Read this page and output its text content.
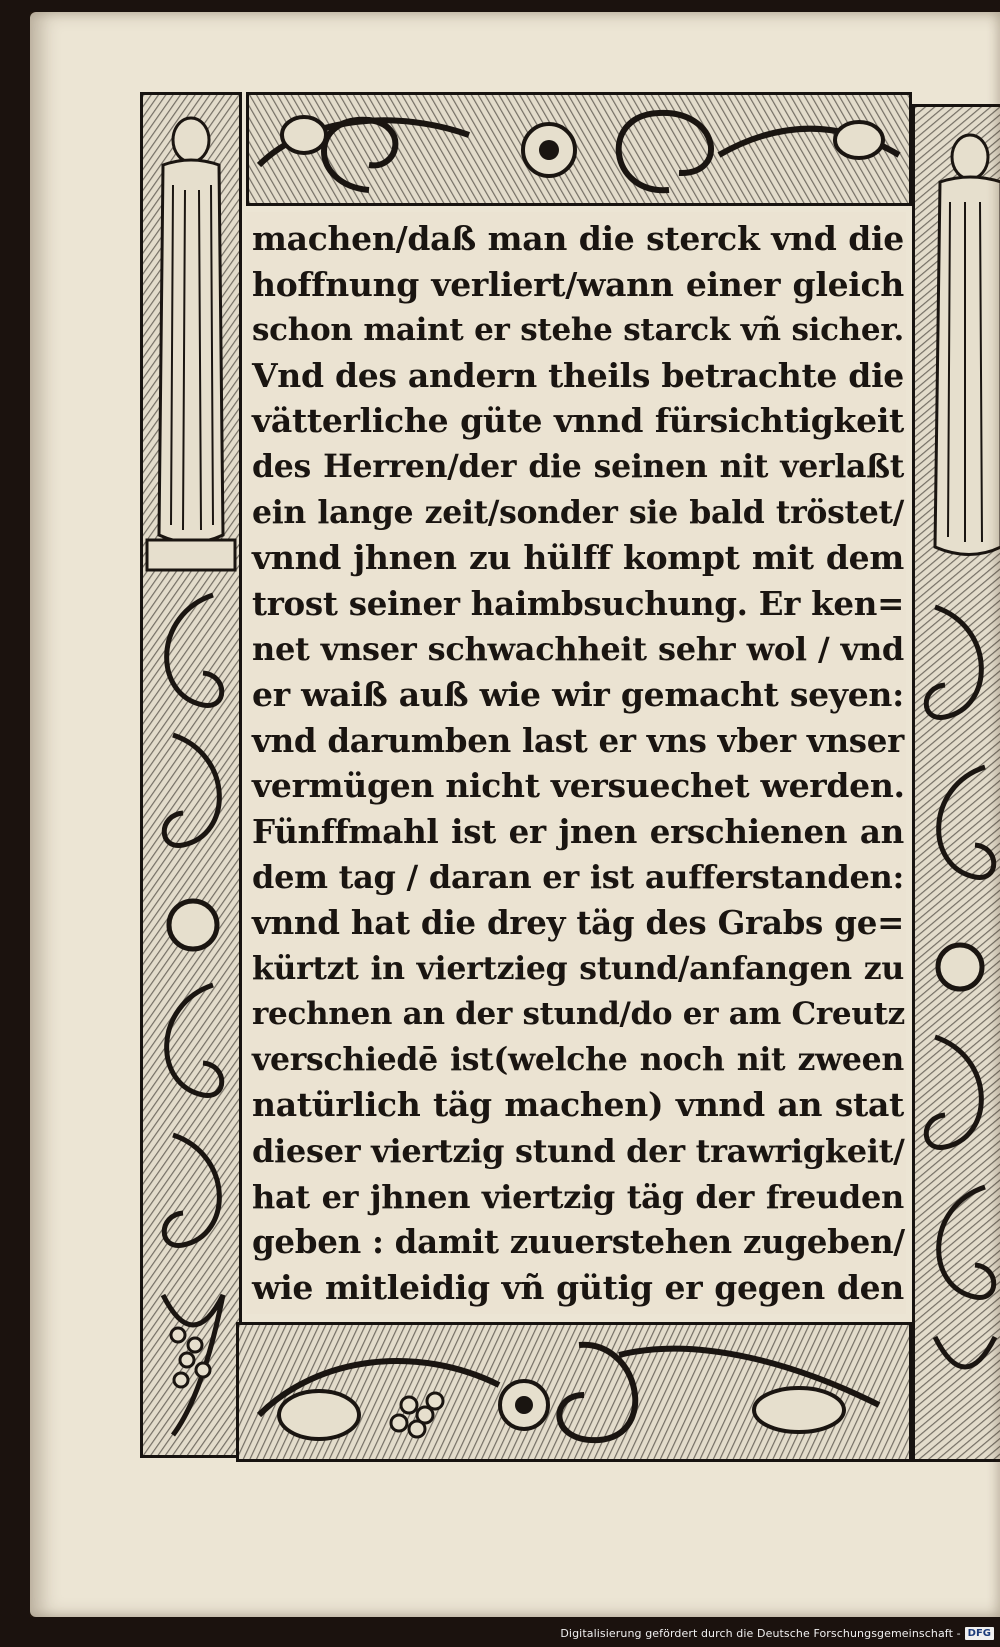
machen/daß man die sterck vnd die
hoffnung verliert/wann einer gleich
schon maint er stehe starck vñ sicher.
Vnd des andern theils betrachte die
vätterliche güte vnnd fürsichtigkeit
des Herren/der die seinen nit verlaßt
ein lange zeit/sonder sie bald tröstet/
vnnd jhnen zu hülff kompt mit dem
trost seiner haimbsuchung. Er ken=
net vnser schwachheit sehr wol / vnd
er waiß auß wie wir gemacht seyen:
vnd darumben last er vns vber vnser
vermügen nicht versuechet werden.
Fünffmahl ist er jnen erschienen an
dem tag / daran er ist aufferstanden:
vnnd hat die drey täg des Grabs ge=
kürtzt in viertzieg stund/anfangen zu
rechnen an der stund/do er am Creutz
verschiedē ist(welche noch nit zween
natürlich täg machen) vnnd an stat
dieser viertzig stund der trawrigkeit/
hat er jhnen viertzig täg der freuden
geben : damit zuuerstehen zugeben/
wie mitleidig vñ gütig er gegen den
Digitalisierung gefördert durch die Deutsche Forschungsgemeinschaft - DFG
